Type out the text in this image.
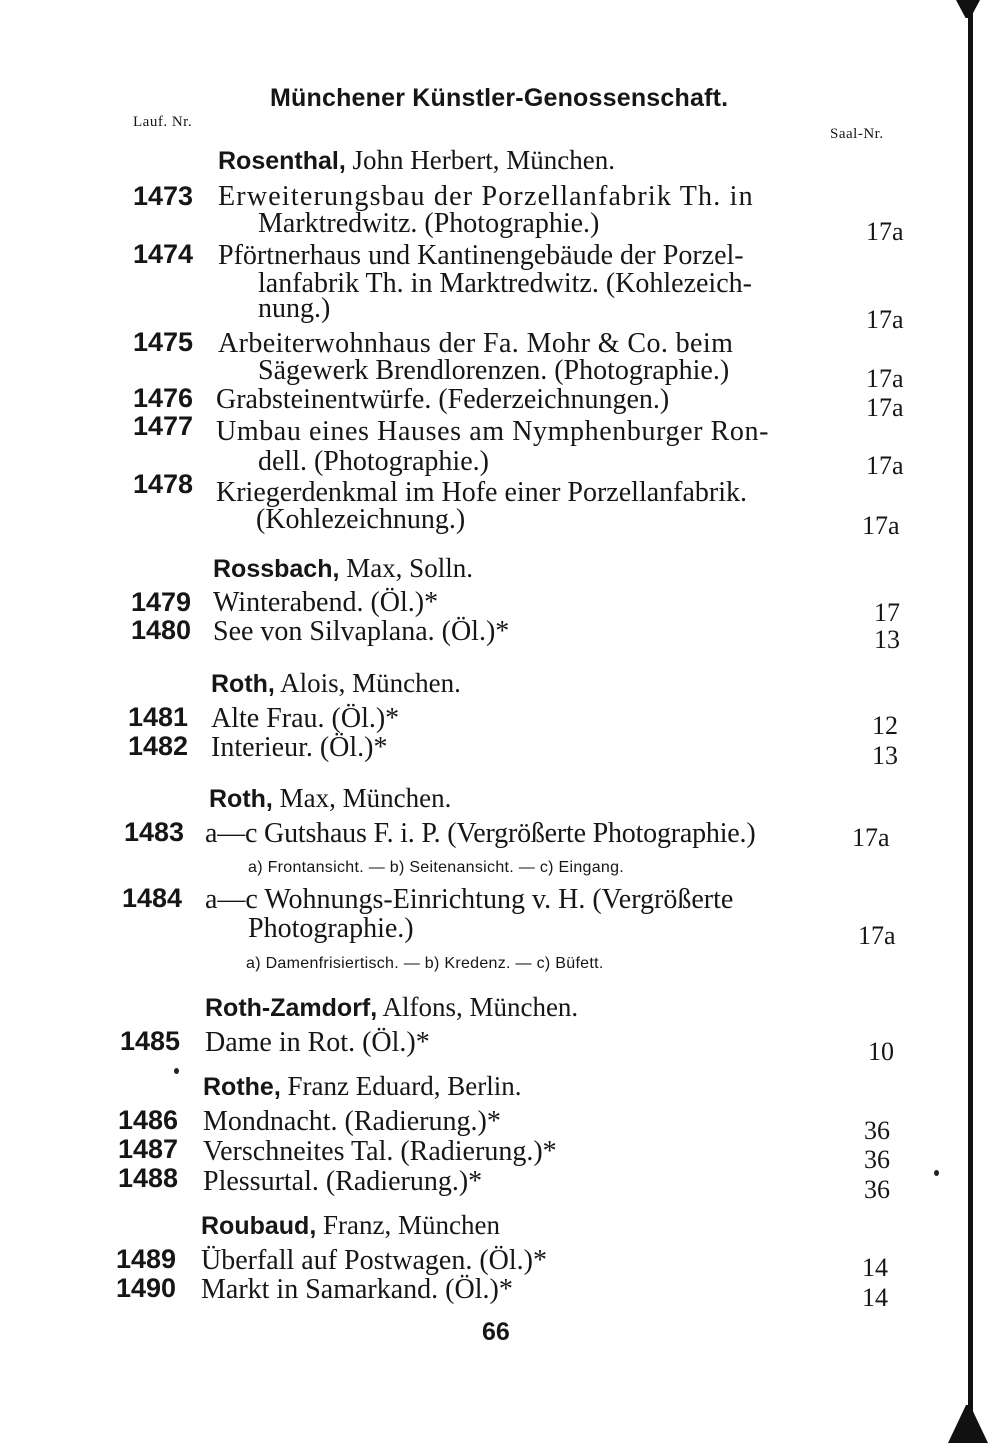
Münchener Künstler-Genossenschaft.
Lauf. Nr.
Saal-Nr.
Rosenthal, John Herbert, München.
1473 Erweiterungsbau der Porzellanfabrik Th. in
Marktredwitz. (Photographie.)	17a
1474 Pförtnerhaus und Kantinengebäude der Porzel-
lanfabrik Th. in Marktredwitz. (Kohlezeich-
nung.)	17a
1475 Arbeiterwohnhaus der Fa. Mohr & Co. beim
Sägewerk Brendlorenzen. (Photographie.)	17a
1476 Grabsteinentwürfe. (Federzeichnungen.)	17a
1477 Umbau eines Hauses am Nymphenburger Ron-
dell. (Photographie.)	17a
1478 Kriegerdenkmal im Hofe einer Porzellanfabrik.
(Kohlezeichnung.)	17a
Rossbach, Max, Solln.
1479 Winterabend. (Öl.)*	17
1480 See von Silvaplana. (Öl.)*	13
Roth, Alois, München.
1481 Alte Frau. (Öl.)*	12
1482 Interieur. (Öl.)*	13
Roth, Max, München.
1483 a—c Gutshaus F. i. P. (Vergrößerte Photographie.)	17a
a) Frontansicht. — b) Seitenansicht. — c) Eingang.
1484 a—c Wohnungs-Einrichtung v. H. (Vergrößerte
Photographie.)	17a
a) Damenfrisiertisch. — b) Kredenz. — c) Büfett.
Roth-Zamdorf, Alfons, München.
1485 Dame in Rot. (Öl.)*	10
Rothe, Franz Eduard, Berlin.
1486 Mondnacht. (Radierung.)*	36
1487 Verschneites Tal. (Radierung.)*	36
1488 Plessurtal. (Radierung.)*	36
Roubaud, Franz, München
1489 Überfall auf Postwagen. (Öl.)*	14
1490 Markt in Samarkand. (Öl.)*	14
66
